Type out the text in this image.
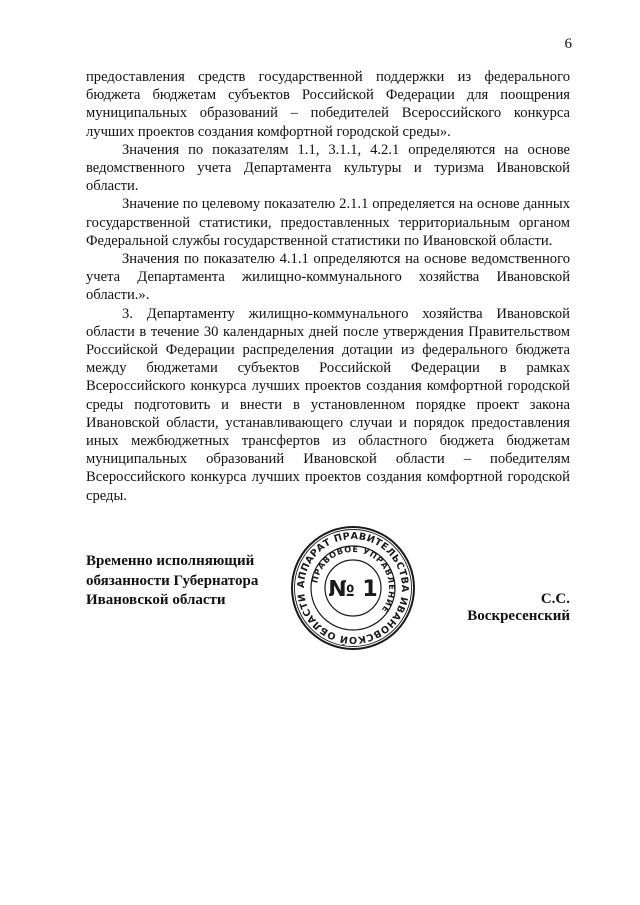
6

предоставления средств государственной поддержки из федерального бюджета бюджетам субъектов Российской Федерации для поощрения муниципальных образований – победителей Всероссийского конкурса лучших проектов создания комфортной городской среды».

Значения по показателям 1.1, 3.1.1, 4.2.1 определяются на основе ведомственного учета Департамента культуры и туризма Ивановской области.

Значение по целевому показателю 2.1.1 определяется на основе данных государственной статистики, предоставленных территориальным органом Федеральной службы государственной статистики по Ивановской области.

Значения по показателю 4.1.1 определяются на основе ведомственного учета Департамента жилищно-коммунального хозяйства Ивановской области.».

3. Департаменту жилищно-коммунального хозяйства Ивановской области в течение 30 календарных дней после утверждения Правительством Российской Федерации распределения дотации из федерального бюджета между бюджетами субъектов Российской Федерации в рамках Всероссийского конкурса лучших проектов создания комфортной городской среды подготовить и внести в установленном порядке проект закона Ивановской области, устанавливающего случаи и порядок предоставления иных межбюджетных трансфертов из областного бюджета бюджетам муниципальных образований Ивановской области – победителям Всероссийского конкурса лучших проектов создания комфортной городской среды.

Временно исполняющий
обязанности Губернатора
Ивановской области
АППАРАТ ПРАВИТЕЛЬСТВА ИВАНОВСКОЙ ОБЛАСТИ
ПРАВОВОЕ УПРАВЛЕНИЕ
№ 1	С.С. Воскресенский
